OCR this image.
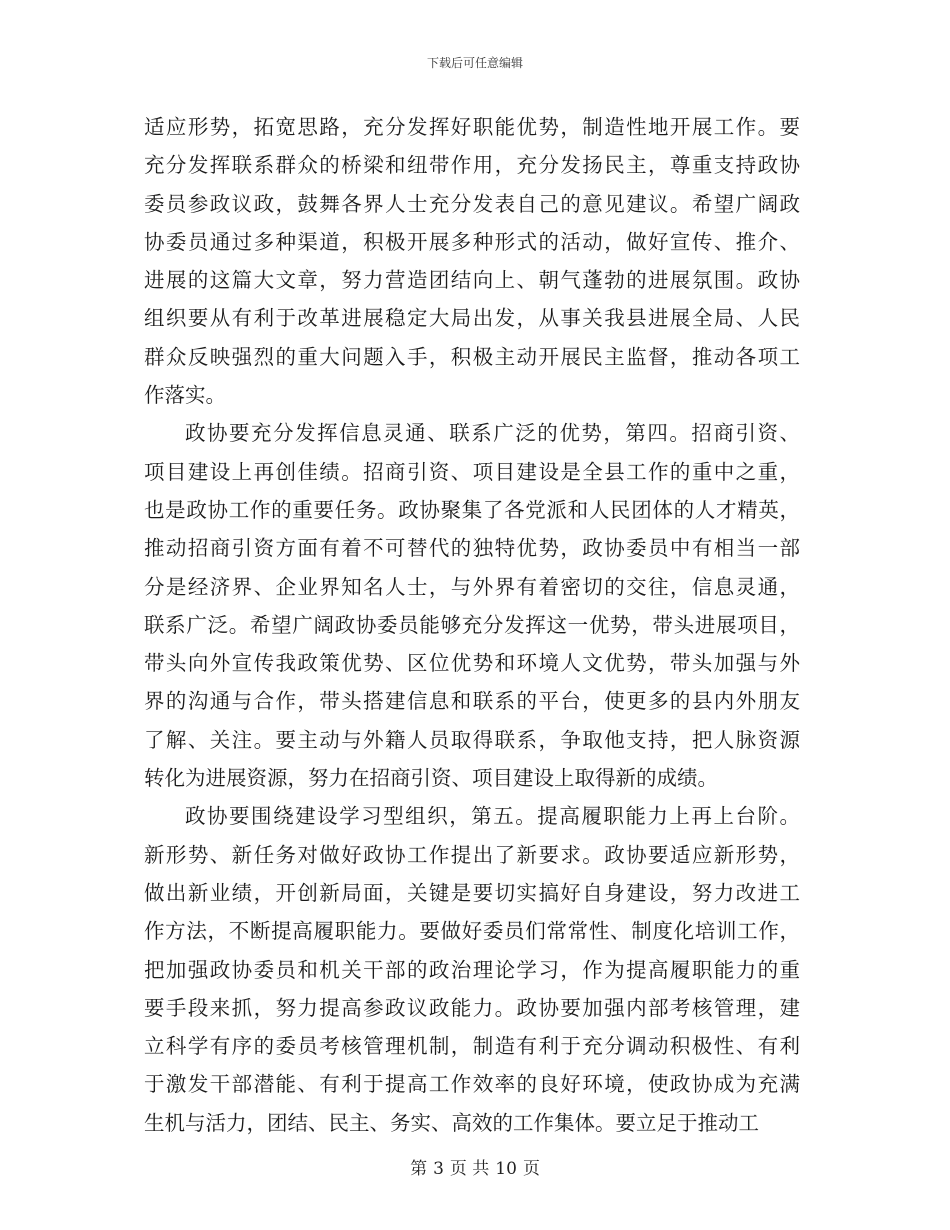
下载后可任意编辑
适应形势，拓宽思路，充分发挥好职能优势，制造性地开展工作。要
充分发挥联系群众的桥梁和纽带作用，充分发扬民主，尊重支持政协
委员参政议政，鼓舞各界人士充分发表自己的意见建议。希望广阔政
协委员通过多种渠道，积极开展多种形式的活动，做好宣传、推介、
进展的这篇大文章，努力营造团结向上、朝气蓬勃的进展氛围。政协
组织要从有利于改革进展稳定大局出发，从事关我县进展全局、人民
群众反映强烈的重大问题入手，积极主动开展民主监督，推动各项工
作落实。
政协要充分发挥信息灵通、联系广泛的优势，第四。招商引资、
项目建设上再创佳绩。招商引资、项目建设是全县工作的重中之重，
也是政协工作的重要任务。政协聚集了各党派和人民团体的人才精英，
推动招商引资方面有着不可替代的独特优势，政协委员中有相当一部
分是经济界、企业界知名人士，与外界有着密切的交往，信息灵通，
联系广泛。希望广阔政协委员能够充分发挥这一优势，带头进展项目，
带头向外宣传我政策优势、区位优势和环境人文优势，带头加强与外
界的沟通与合作，带头搭建信息和联系的平台，使更多的县内外朋友
了解、关注。要主动与外籍人员取得联系，争取他支持，把人脉资源
转化为进展资源，努力在招商引资、项目建设上取得新的成绩。
政协要围绕建设学习型组织，第五。提高履职能力上再上台阶。
新形势、新任务对做好政协工作提出了新要求。政协要适应新形势，
做出新业绩，开创新局面，关键是要切实搞好自身建设，努力改进工
作方法，不断提高履职能力。要做好委员们常常性、制度化培训工作，
把加强政协委员和机关干部的政治理论学习，作为提高履职能力的重
要手段来抓，努力提高参政议政能力。政协要加强内部考核管理，建
立科学有序的委员考核管理机制，制造有利于充分调动积极性、有利
于激发干部潜能、有利于提高工作效率的良好环境，使政协成为充满
生机与活力，团结、民主、务实、高效的工作集体。要立足于推动工
第 3 页 共 10 页
